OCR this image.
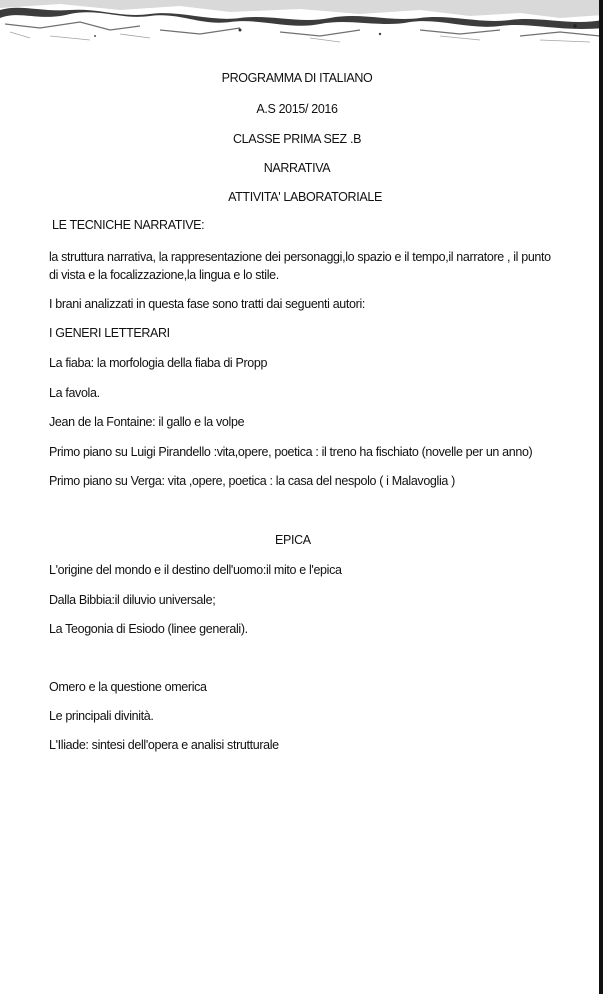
PROGRAMMA DI ITALIANO
A.S 2015/ 2016
CLASSE PRIMA SEZ .B
NARRATIVA
ATTIVITA' LABORATORIALE
LE TECNICHE NARRATIVE:
la struttura narrativa, la rappresentazione dei personaggi,lo spazio e il tempo,il narratore , il punto di vista e la focalizzazione,la lingua e lo stile.
I brani analizzati in questa fase sono tratti dai seguenti autori:
I GENERI LETTERARI
La fiaba: la morfologia della fiaba di Propp
La favola.
Jean de la Fontaine: il gallo e la volpe
Primo piano su Luigi Pirandello :vita,opere, poetica : il treno ha fischiato (novelle per un anno)
Primo piano su Verga: vita ,opere, poetica : la casa del nespolo ( i Malavoglia )
EPICA
L'origine del mondo e il destino dell'uomo:il mito e l'epica
Dalla Bibbia:il diluvio universale;
La Teogonia di Esiodo (linee generali).
Omero e la questione omerica
Le principali divinità.
L'Iliade: sintesi dell'opera e analisi strutturale
